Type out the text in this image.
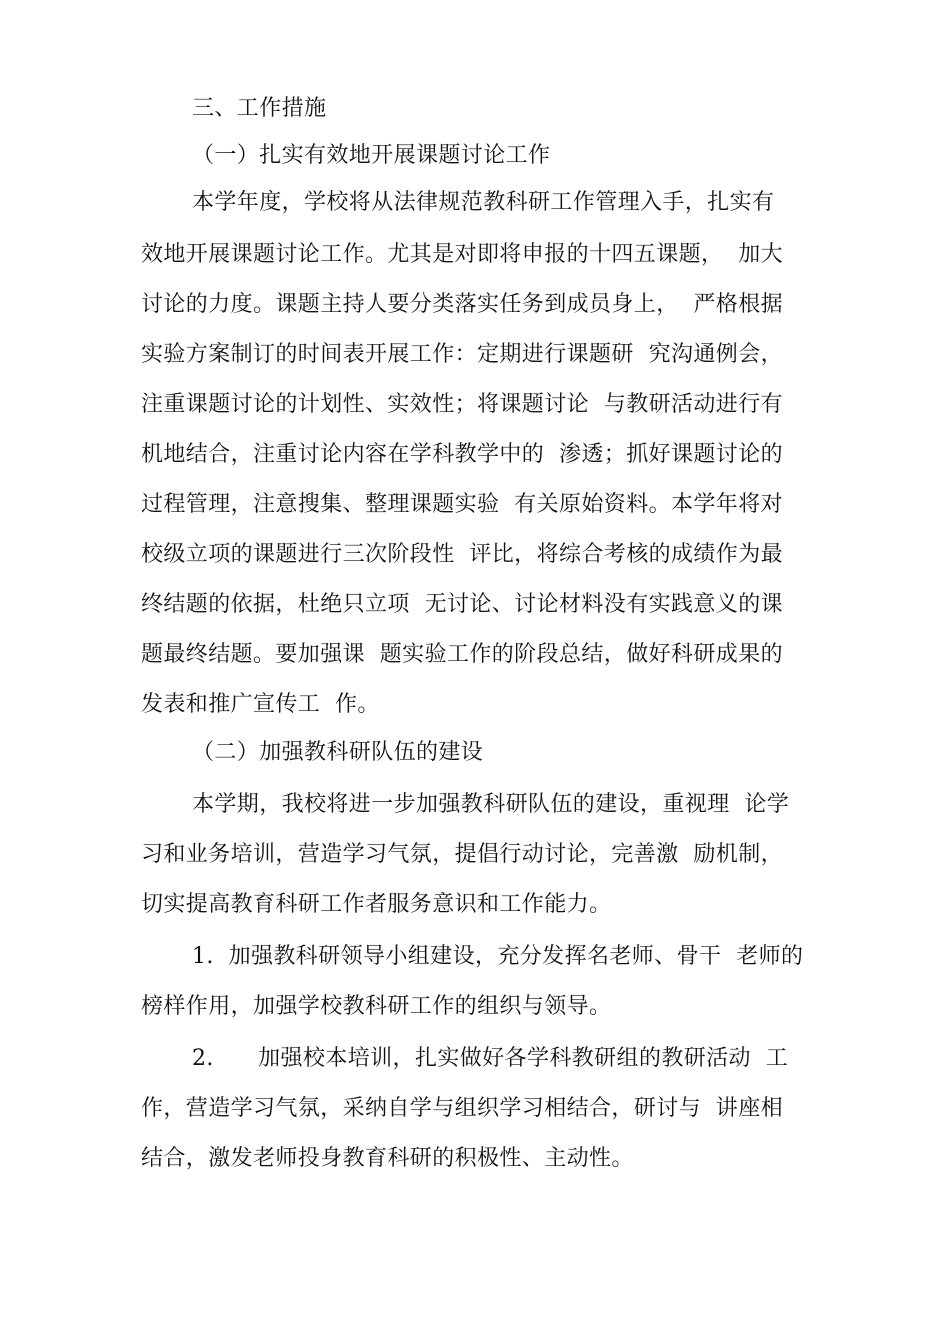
三、工作措施
（一）扎实有效地开展课题讨论工作
本学年度，学校将从法律规范教科研工作管理入手，扎实有
效地开展课题讨论工作。尤其是对即将申报的十四五课题，  加大
讨论的力度。课题主持人要分类落实任务到成员身上，  严格根据
实验方案制订的时间表开展工作：定期进行课题研  究沟通例会，
注重课题讨论的计划性、实效性；将课题讨论  与教研活动进行有
机地结合，注重讨论内容在学科教学中的  渗透；抓好课题讨论的
过程管理，注意搜集、整理课题实验  有关原始资料。本学年将对
校级立项的课题进行三次阶段性  评比，将综合考核的成绩作为最
终结题的依据，杜绝只立项  无讨论、讨论材料没有实践意义的课
题最终结题。要加强课  题实验工作的阶段总结，做好科研成果的
发表和推广宣传工  作。
（二）加强教科研队伍的建设
本学期，我校将进一步加强教科研队伍的建设，重视理  论学
习和业务培训，营造学习气氛，提倡行动讨论，完善激  励机制，
切实提高教育科研工作者服务意识和工作能力。
1.  加强教科研领导小组建设，充分发挥名老师、骨干  老师的
榜样作用，加强学校教科研工作的组织与领导。
2.      加强校本培训，扎实做好各学科教研组的教研活动  工
作，营造学习气氛，采纳自学与组织学习相结合，研讨与  讲座相
结合，激发老师投身教育科研的积极性、主动性。
